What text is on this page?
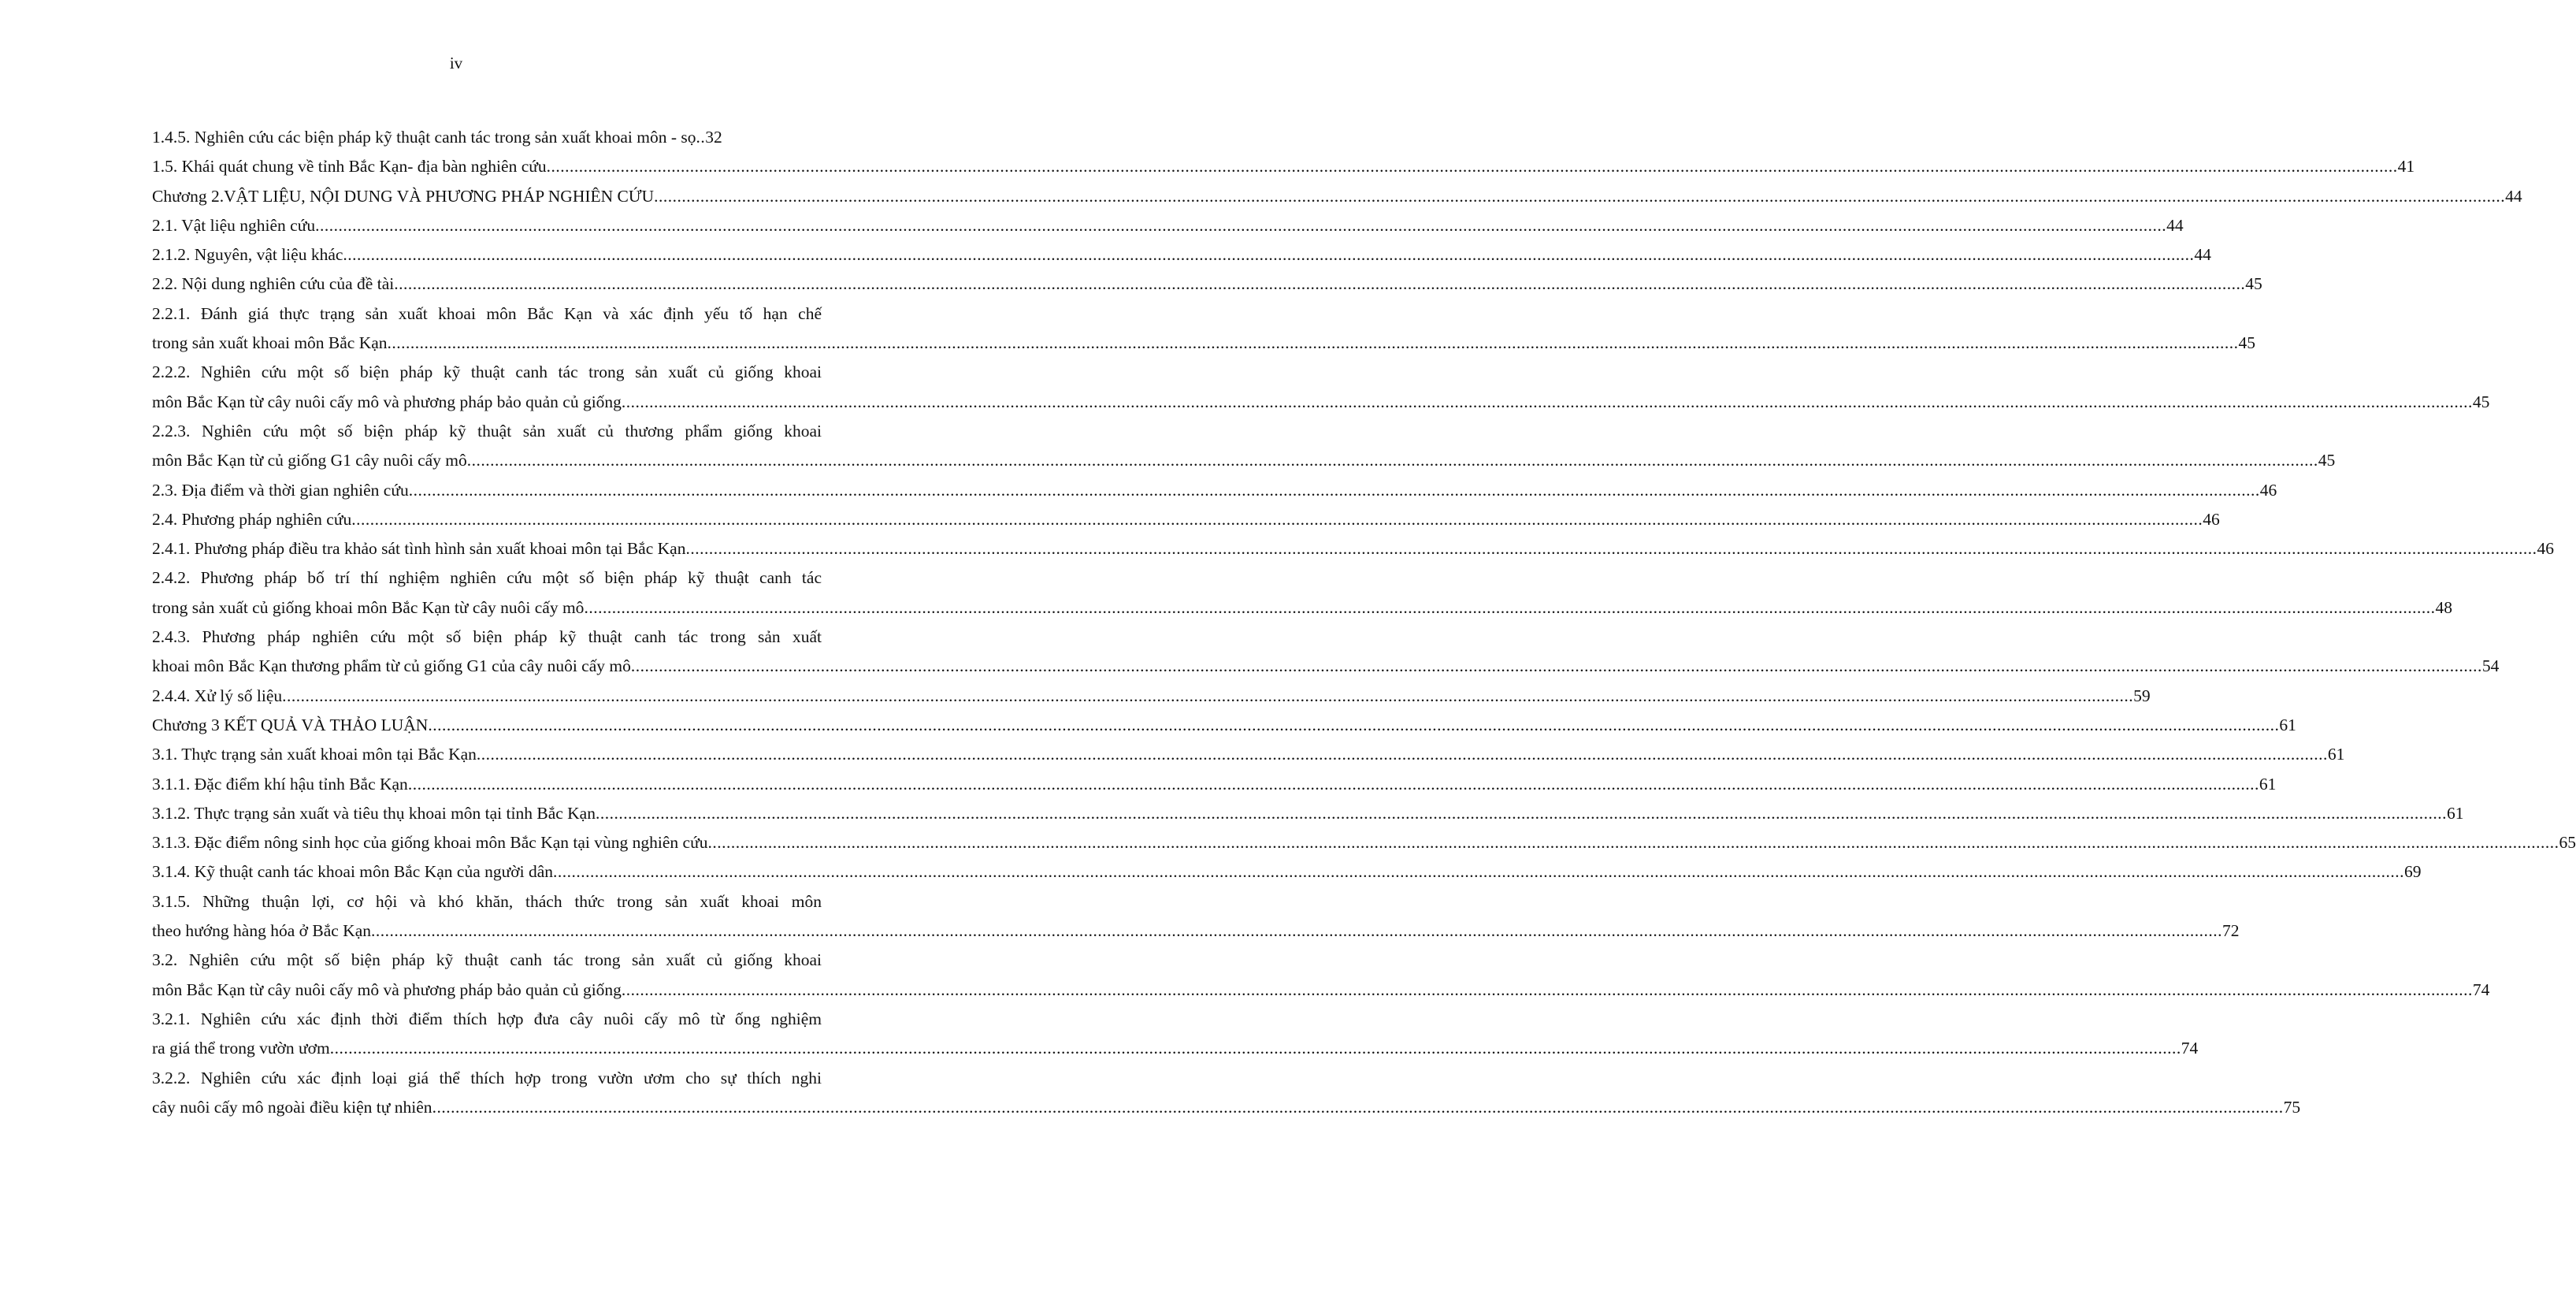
iv
1.4.5. Nghiên cứu các biện pháp kỹ thuật canh tác trong sản xuất khoai môn - sọ .. 32
1.5. Khái quát chung về tỉnh Bắc Kạn- địa bàn nghiên cứu ................................................................................................................................................................................................................................................................................................................................................................................................................ 41
Chương 2.VẬT LIỆU, NỘI DUNG VÀ PHƯƠNG PHÁP NGHIÊN CỨU ................................................................................................................................................................................................................................................................................................................................................................................................................ 44
2.1. Vật liệu nghiên cứu ................................................................................................................................................................................................................................................................................................................................................................................................................ 44
2.1.2. Nguyên, vật liệu khác ................................................................................................................................................................................................................................................................................................................................................................................................................ 44
2.2. Nội dung nghiên cứu của đề tài ................................................................................................................................................................................................................................................................................................................................................................................................................ 45
2.2.1. Đánh giá thực trạng sản xuất khoai môn Bắc Kạn và xác định yếu tố hạn chế
trong sản xuất khoai môn Bắc Kạn ................................................................................................................................................................................................................................................................................................................................................................................................................ 45
2.2.2. Nghiên cứu một số biện pháp kỹ thuật canh tác trong sản xuất củ giống khoai
môn Bắc Kạn từ cây nuôi cấy mô và phương pháp bảo quản củ giống ................................................................................................................................................................................................................................................................................................................................................................................................................ 45
2.2.3. Nghiên cứu một số biện pháp kỹ thuật sản xuất củ thương phẩm giống khoai
môn Bắc Kạn từ củ giống G1 cây nuôi cấy mô ................................................................................................................................................................................................................................................................................................................................................................................................................ 45
2.3. Địa điểm và thời gian nghiên cứu ................................................................................................................................................................................................................................................................................................................................................................................................................ 46
2.4. Phương pháp nghiên cứu ................................................................................................................................................................................................................................................................................................................................................................................................................ 46
2.4.1. Phương pháp điều tra khảo sát tình hình sản xuất khoai môn tại Bắc Kạn ................................................................................................................................................................................................................................................................................................................................................................................................................ 46
2.4.2. Phương pháp bố trí thí nghiệm nghiên cứu một số biện pháp kỹ thuật canh tác
trong sản xuất củ giống khoai môn Bắc Kạn từ cây nuôi cấy mô ................................................................................................................................................................................................................................................................................................................................................................................................................ 48
2.4.3. Phương pháp nghiên cứu một số biện pháp kỹ thuật canh tác trong sản xuất
khoai môn Bắc Kạn thương phẩm từ củ giống G1 của cây nuôi cấy mô ................................................................................................................................................................................................................................................................................................................................................................................................................ 54
2.4.4. Xử lý số liệu ................................................................................................................................................................................................................................................................................................................................................................................................................ 59
Chương 3 KẾT QUẢ VÀ THẢO LUẬN ................................................................................................................................................................................................................................................................................................................................................................................................................ 61
3.1. Thực trạng sản xuất khoai môn tại Bắc Kạn ................................................................................................................................................................................................................................................................................................................................................................................................................ 61
3.1.1. Đặc điểm khí hậu tỉnh Bắc Kạn ................................................................................................................................................................................................................................................................................................................................................................................................................ 61
3.1.2. Thực trạng sản xuất và tiêu thụ khoai môn tại tỉnh Bắc Kạn ................................................................................................................................................................................................................................................................................................................................................................................................................ 61
3.1.3. Đặc điểm nông sinh học của giống khoai môn Bắc Kạn tại vùng nghiên cứu ................................................................................................................................................................................................................................................................................................................................................................................................................ 65
3.1.4. Kỹ thuật canh tác khoai môn Bắc Kạn của người dân ................................................................................................................................................................................................................................................................................................................................................................................................................ 69
3.1.5. Những thuận lợi, cơ hội và khó khăn, thách thức trong sản xuất khoai môn
theo hướng hàng hóa ở Bắc Kạn ................................................................................................................................................................................................................................................................................................................................................................................................................ 72
3.2. Nghiên cứu một số biện pháp kỹ thuật canh tác trong sản xuất củ giống khoai
môn Bắc Kạn từ cây nuôi cấy mô và phương pháp bảo quản củ giống ................................................................................................................................................................................................................................................................................................................................................................................................................ 74
3.2.1. Nghiên cứu xác định thời điểm thích hợp đưa cây nuôi cấy mô từ ống nghiệm
ra giá thể trong vườn ươm ................................................................................................................................................................................................................................................................................................................................................................................................................ 74
3.2.2. Nghiên cứu xác định loại giá thể thích hợp trong vườn ươm cho sự thích nghi
cây nuôi cấy mô ngoài điều kiện tự nhiên ................................................................................................................................................................................................................................................................................................................................................................................................................ 75
